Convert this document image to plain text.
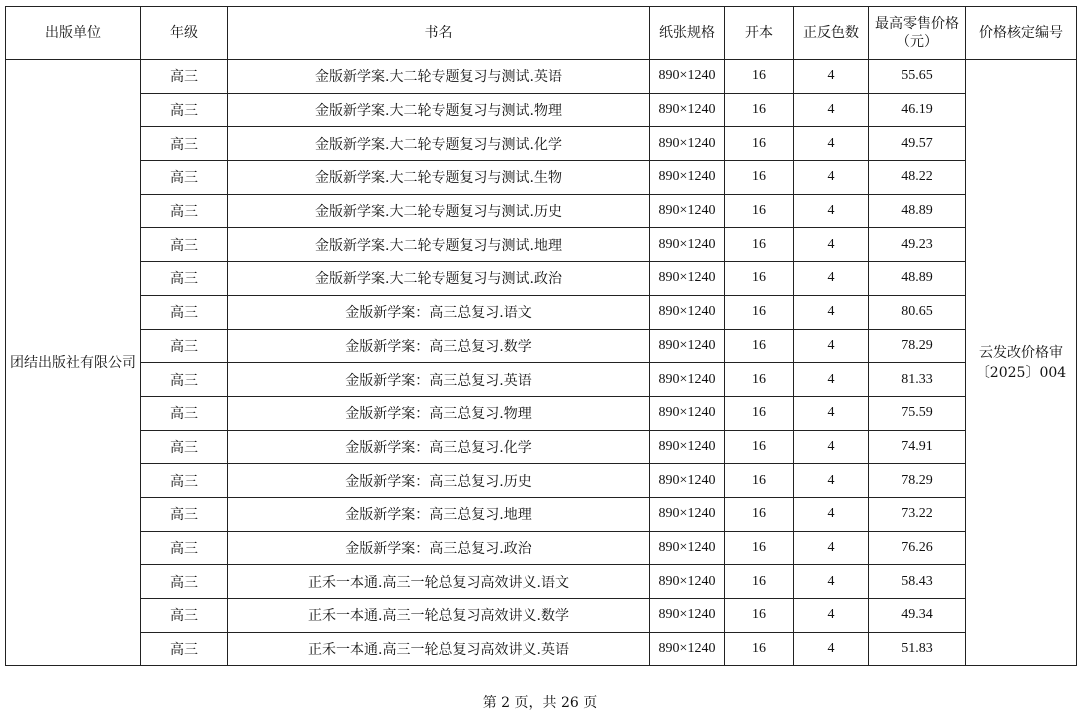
出版单位	年级	书名	纸张规格	开本	正反色数	最高零售价格（元）	价格核定编号
团结出版社有限公司	高三	金版新学案.大二轮专题复习与测试.英语	890×1240	16	4	55.65	云发改价格审〔2025〕004
	高三	金版新学案.大二轮专题复习与测试.物理	890×1240	16	4	46.19	
	高三	金版新学案.大二轮专题复习与测试.化学	890×1240	16	4	49.57	
	高三	金版新学案.大二轮专题复习与测试.生物	890×1240	16	4	48.22	
	高三	金版新学案.大二轮专题复习与测试.历史	890×1240	16	4	48.89	
	高三	金版新学案.大二轮专题复习与测试.地理	890×1240	16	4	49.23	
	高三	金版新学案.大二轮专题复习与测试.政治	890×1240	16	4	48.89	
	高三	金版新学案：高三总复习.语文	890×1240	16	4	80.65	
	高三	金版新学案：高三总复习.数学	890×1240	16	4	78.29	
	高三	金版新学案：高三总复习.英语	890×1240	16	4	81.33	
	高三	金版新学案：高三总复习.物理	890×1240	16	4	75.59	
	高三	金版新学案：高三总复习.化学	890×1240	16	4	74.91	
	高三	金版新学案：高三总复习.历史	890×1240	16	4	78.29	
	高三	金版新学案：高三总复习.地理	890×1240	16	4	73.22	
	高三	金版新学案：高三总复习.政治	890×1240	16	4	76.26	
	高三	正禾一本通.高三一轮总复习高效讲义.语文	890×1240	16	4	58.43	
	高三	正禾一本通.高三一轮总复习高效讲义.数学	890×1240	16	4	49.34	
	高三	正禾一本通.高三一轮总复习高效讲义.英语	890×1240	16	4	51.83	
第 2 页，共 26 页
